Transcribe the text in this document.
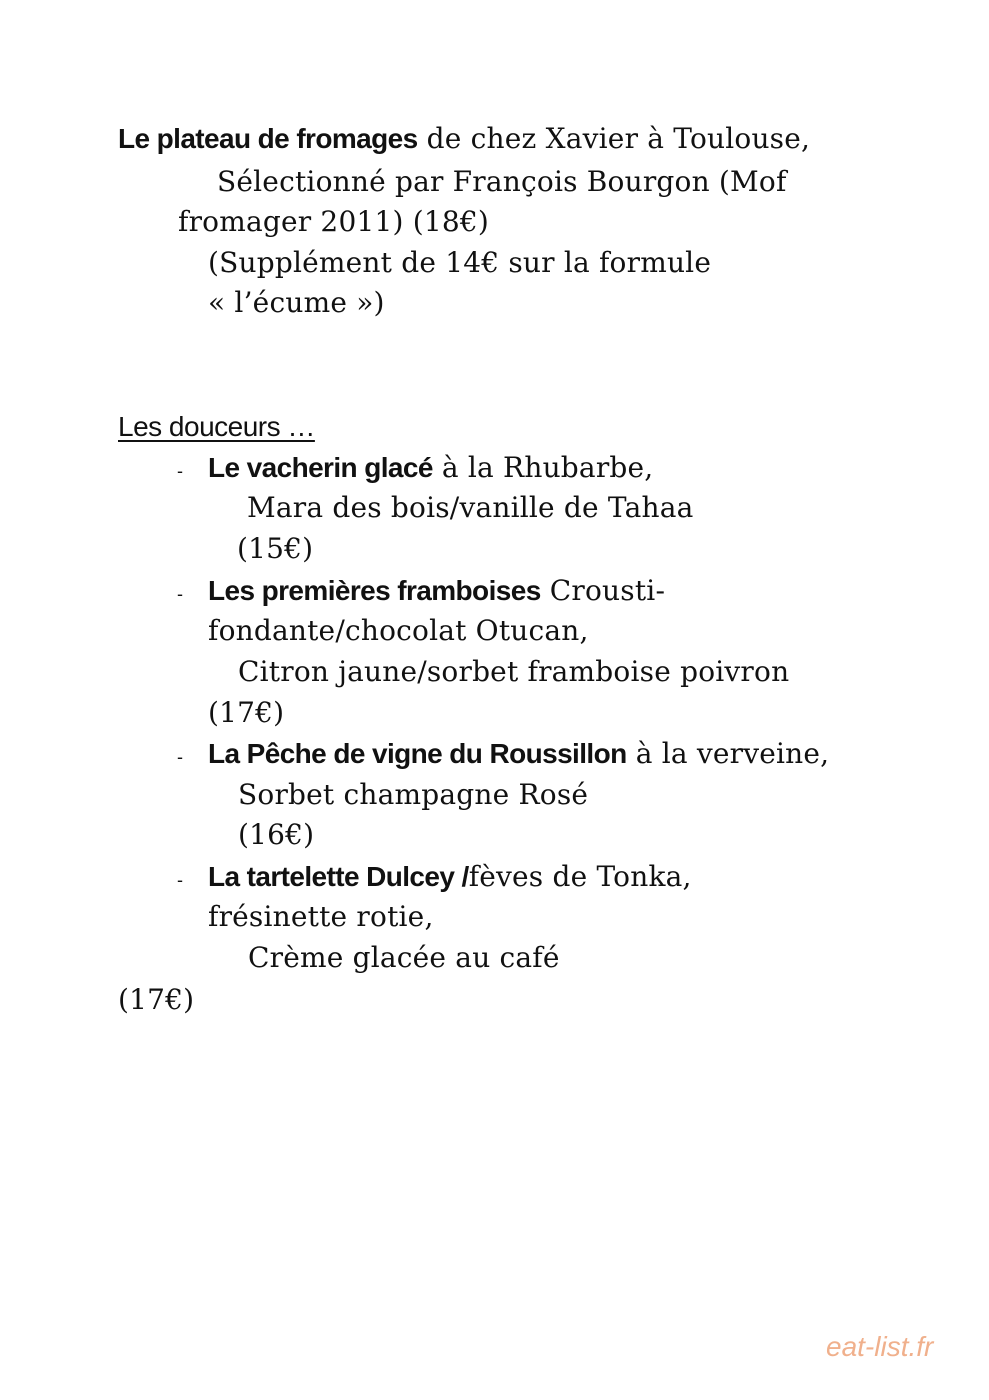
Le plateau de fromages de chez Xavier à Toulouse,
Sélectionné par François Bourgon (Mof
fromager 2011) (18€)
(Supplément de 14€ sur la formule
« l’écume »)
Les douceurs …
- Le vacherin glacé à la Rhubarbe,
Mara des bois/vanille de Tahaa
(15€)
- Les premières framboises Crousti-
fondante/chocolat Otucan,
Citron jaune/sorbet framboise poivron
(17€)
- La Pêche de vigne du Roussillon à la verveine,
Sorbet champagne Rosé
(16€)
- La tartelette Dulcey /fèves de Tonka,
frésinette rotie,
Crème glacée au café
(17€)
eat-list.fr
